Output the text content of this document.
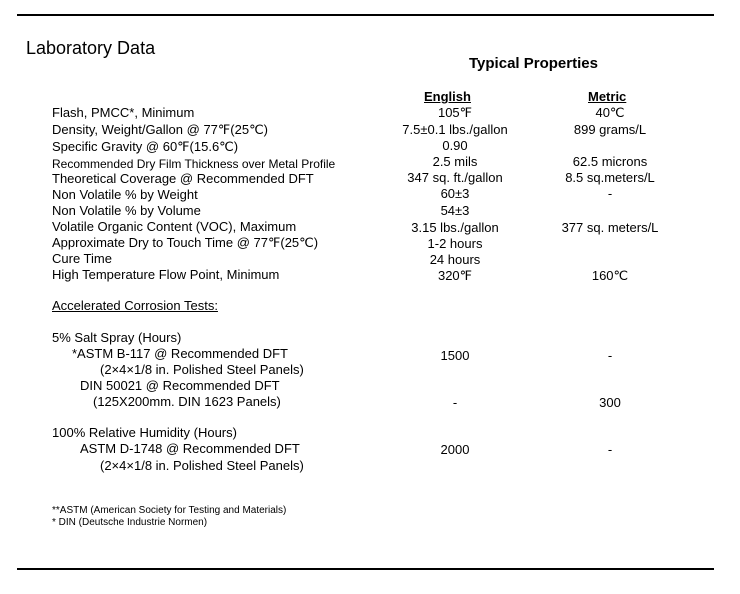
Laboratory Data
Typical Properties
English	Metric
Flash, PMCC*, Minimum	105℉	40℃
Density, Weight/Gallon @ 77℉(25℃)	7.5±0.1 lbs./gallon	899 grams/L
Specific Gravity @ 60℉(15.6℃)	0.90
Recommended Dry Film Thickness over Metal Profile	2.5 mils	62.5 microns
Theoretical Coverage @ Recommended DFT	347 sq. ft./gallon	8.5 sq.meters/L
Non Volatile % by Weight	60±3	-
Non Volatile % by Volume	54±3
Volatile Organic Content (VOC), Maximum	3.15 lbs./gallon	377 sq. meters/L
Approximate Dry to Touch Time @ 77℉(25℃)	1-2 hours
Cure Time	24 hours
High Temperature Flow Point, Minimum	320℉	160℃
Accelerated Corrosion Tests:
5% Salt Spray (Hours)
*ASTM B-117 @ Recommended DFT	1500	-
(2×4×1/8 in. Polished Steel Panels)
DIN 50021 @ Recommended DFT
(125X200mm. DIN 1623 Panels)	-	300
100% Relative Humidity (Hours)
ASTM D-1748 @ Recommended DFT	2000	-
(2×4×1/8 in. Polished Steel Panels)
**ASTM (American Society for Testing and Materials)
* DIN (Deutsche Industrie Normen)
